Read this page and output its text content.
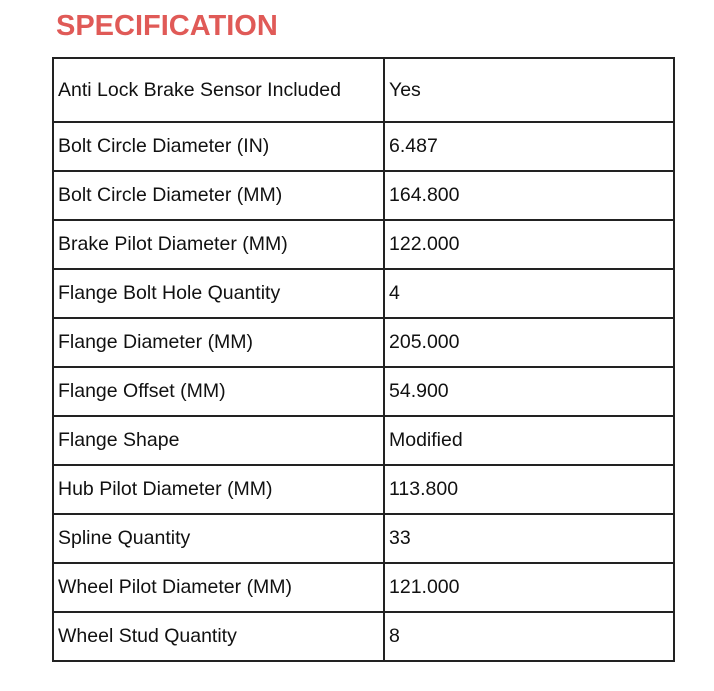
SPECIFICATION
Anti Lock Brake Sensor Included	Yes
Bolt Circle Diameter (IN)	6.487
Bolt Circle Diameter (MM)	164.800
Brake Pilot Diameter (MM)	122.000
Flange Bolt Hole Quantity	4
Flange Diameter (MM)	205.000
Flange Offset (MM)	54.900
Flange Shape	Modified
Hub Pilot Diameter (MM)	113.800
Spline Quantity	33
Wheel Pilot Diameter (MM)	121.000
Wheel Stud Quantity	8
